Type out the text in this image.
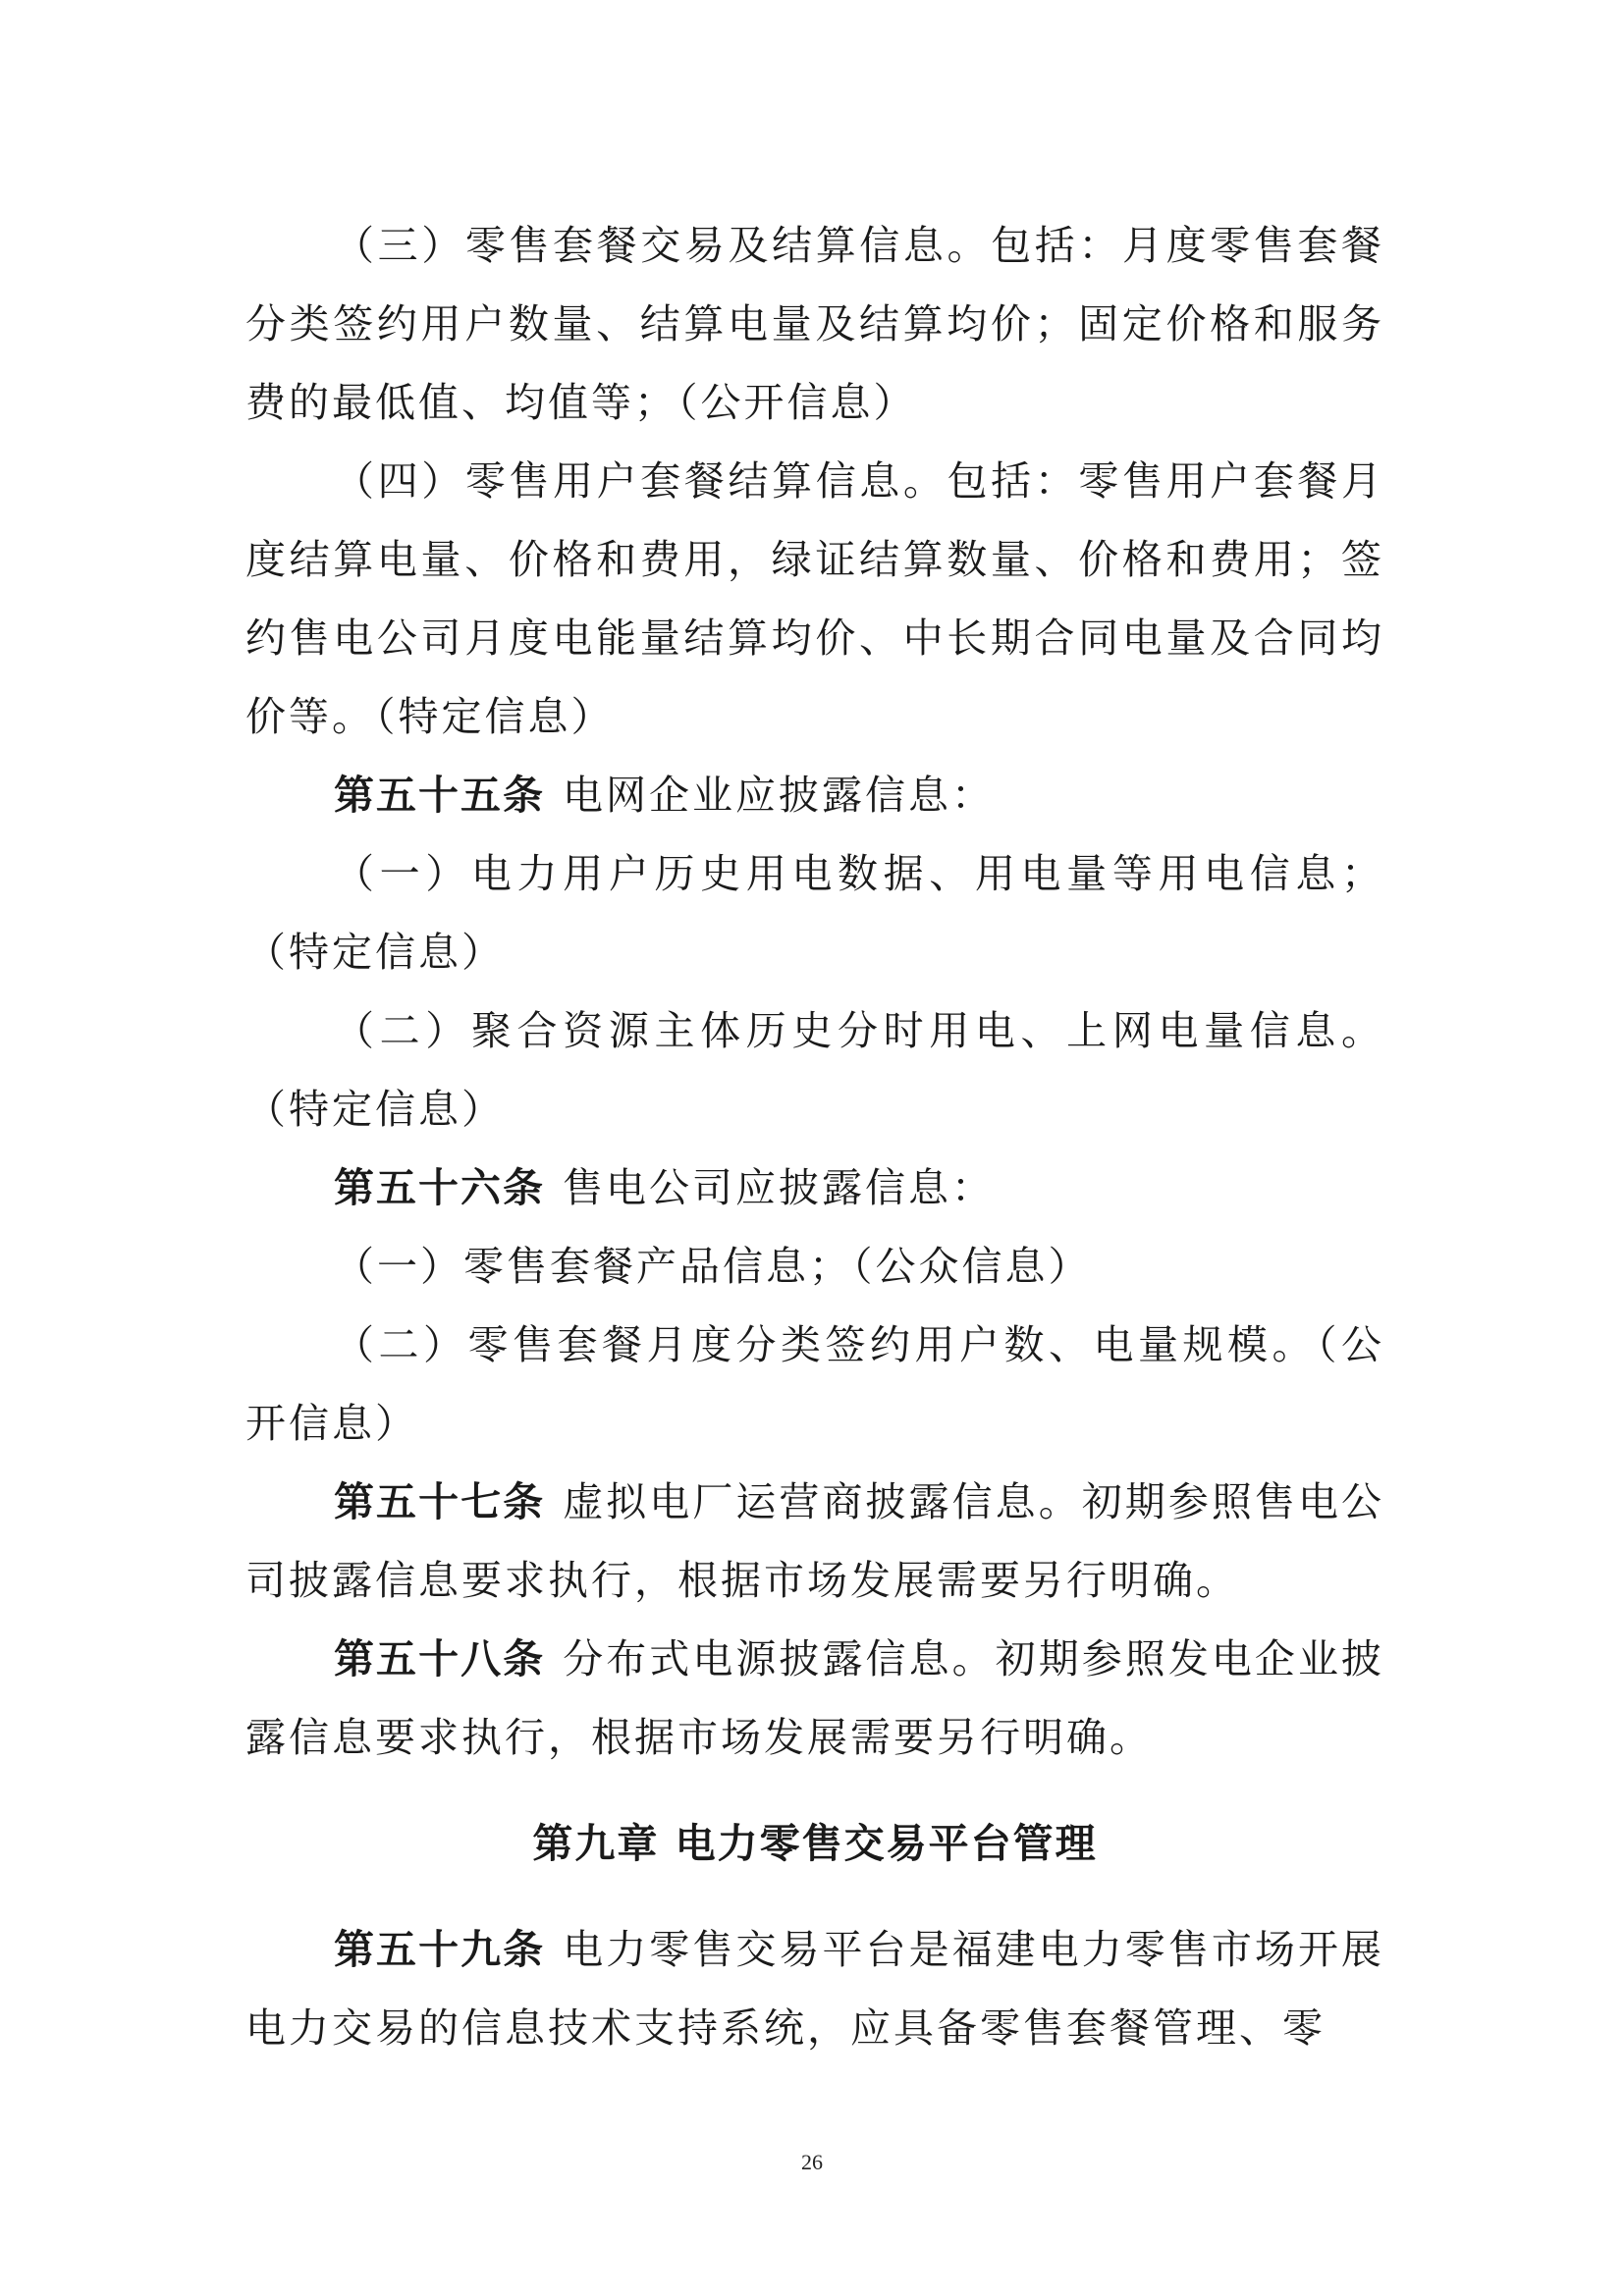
（三）零售套餐交易及结算信息。包括：月度零售套餐分类签约用户数量、结算电量及结算均价；固定价格和服务费的最低值、均值等；（公开信息）

（四）零售用户套餐结算信息。包括：零售用户套餐月度结算电量、价格和费用，绿证结算数量、价格和费用；签约售电公司月度电能量结算均价、中长期合同电量及合同均价等。（特定信息）

第五十五条 电网企业应披露信息：

（一）电力用户历史用电数据、用电量等用电信息；（特定信息）

（二）聚合资源主体历史分时用电、上网电量信息。（特定信息）

第五十六条 售电公司应披露信息：

（一）零售套餐产品信息；（公众信息）

（二）零售套餐月度分类签约用户数、电量规模。（公开信息）

第五十七条 虚拟电厂运营商披露信息。初期参照售电公司披露信息要求执行，根据市场发展需要另行明确。

第五十八条 分布式电源披露信息。初期参照发电企业披露信息要求执行，根据市场发展需要另行明确。

第九章 电力零售交易平台管理

第五十九条 电力零售交易平台是福建电力零售市场开展电力交易的信息技术支持系统，应具备零售套餐管理、零

26
